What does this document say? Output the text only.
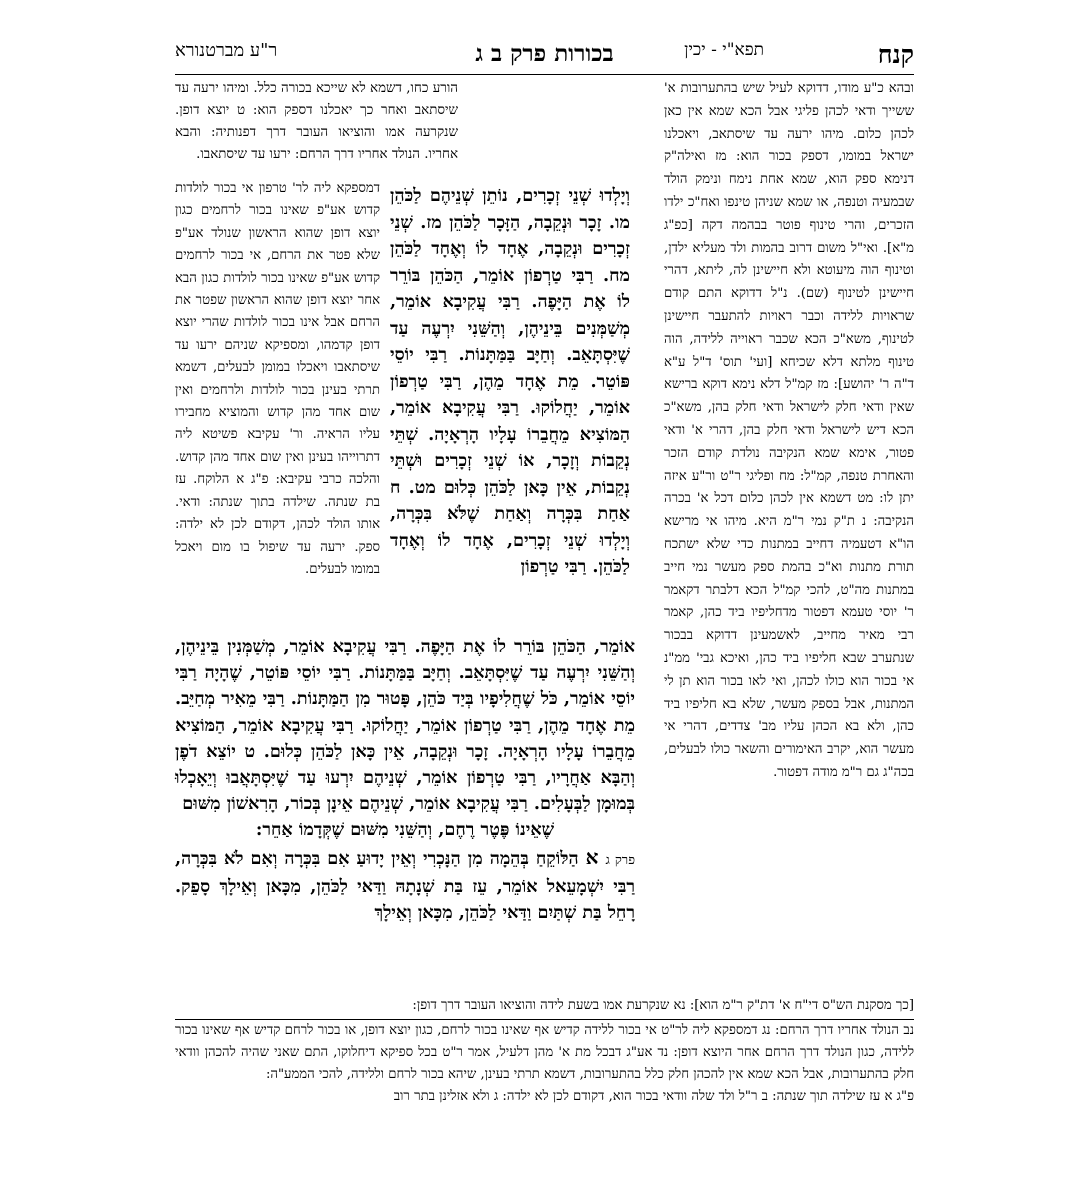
קנח
תפא"י - יכין
בכורות פרק ב ג
ר"ע מברטנורא
ובהא כ"ע מודו, דדוקא לעיל שיש בהתערובות א' ששייך ודאי לכהן פליגי אבל הכא שמא אין כאן לכהן כלום. מיהו ירעה עד שיסתאב, ויאכלנו ישראל במומו, דספק בכור הוא: מז ואילה"ק דנימא ספק הוא, שמא אחת נימח ונימק הולד שבמעיה וטנפה, או שמא שניהן טינפו ואח"כ ילדו הזכרים, והרי טינוף פוטר בבהמה דקה [כפ"ג מ"א]. ואי"ל משום דרוב בהמות ולד מעליא ילדן, וטינוף הוה מיעוטא ולא חיישינן לה, ליתא, דהרי חיישינן לטינוף (שם). נ"ל דדוקא התם קודם שראויות ללידה וכבר ראויות להתעבר חיישינן לטינוף, משא"כ הכא שכבר ראוייה ללידה, הוה טינוף מלתא דלא שכיחא [ועי' תוס' ד"ל ע"א ד"ה ר' יהושע]: מז קמ"ל דלא נימא דוקא ברישא שאין ודאי חלק לישראל ודאי חלק בהן, משא"כ הכא דיש לישראל ודאי חלק בהן, דהרי א' ודאי פטור, אימא שמא הנקיבה נולדת קודם הזכר והאחרת טנפה, קמ"ל: מח ופליגי ר"ט ור"ע איזה יתן לו: מט דשמא אין לכהן כלום דכל א' בכרה הנקיבה: נ ת"ק נמי ר"מ היא. מיהו אי מרישא הו"א דטעמיה דחייב במתנות כדי שלא ישתכח תורת מתנות וא"כ בהמת ספק מעשר נמי חייב במתנות מה"ט, להכי קמ"ל הכא דלבתר דקאמר ר' יוסי טעמא דפטור מדחליפיו ביד כהן, קאמר רבי מאיר מחייב, לאשמעינן דדוקא בבכור שנתערב שבא חליפיו ביד כהן, ואיכא גבי' ממ"נ אי בכור הוא כולו לכהן, ואי לאו בכור הוא תן לי המתנות, אבל בספק מעשר, שלא בא חליפיו ביד כהן, ולא בא הכהן עליו מב' צדדים, דהרי אי מעשר הוא, יקרב האימורים והשאר כולו לבעלים, בכה"ג גם ר"מ מודה דפטור.
הורע כחו, דשמא לא שייכא בכורה כלל. ומיהו ירעה עד שיסתאב ואחר כך יאכלנו דספק הוא: ט יוצא דופן. שנקרעה אמו והוציאו העובר דרך דפנותיה: והבא אחריו. הנולד אחריו דרך הרחם: ירעו עד שיסתאבו.
דמספקא ליה לר' טרפון אי בכור לולדות קדוש אע"פ שאינו בכור לרחמים כגון יוצא דופן שהוא הראשון שנולד אע"פ שלא פטר את הרחם, אי בכור לרחמים קדוש אע"פ שאינו בכור לולדות כגון הבא אחר יוצא דופן שהוא הראשון שפטר את הרחם אבל אינו בכור לולדות שהרי יוצא דופן קדמהו, ומספיקא שניהם ירעו עד שיסתאבו ויאכלו במומן לבעלים, דשמא תרתי בעינן בכור לולדות ולרחמים ואין שום אחד מהן קדוש והמוציא מחבירו עליו הראיה. ור' עקיבא פשיטא ליה דתרוייהו בעינן ואין שום אחד מהן קדוש. והלכה כרבי עקיבא: פ"ג א הלוקח. עז בת שנתה. שילדה בתוך שנתה: ודאי. אותו הולד לכהן, דקודם לכן לא ילדה: ספק. ירעה עד שיפול בו מום ויאכל במומו לבעלים.
וְיָלְדוּ שְׁנֵי זְכָרִים, נוֹתֵן שְׁנֵיהֶם לַכֹּהֵן מו. זָכָר וּנְקֵבָה, הַזָּכָר לַכֹּהֵן מז. שְׁנֵי זְכָרִים וּנְקֵבָה, אֶחָד לוֹ וְאֶחָד לַכֹּהֵן מח. רַבִּי טַרְפוֹן אוֹמֵר, הַכֹּהֵן בּוֹרֵר לוֹ אֶת הַיָּפֶה. רַבִּי עֲקִיבָא אוֹמֵר, מְשַׁמְּנִים בֵּינֵיהֶן, וְהַשֵּׁנִי יִרְעֶה עַד שֶׁיִּסְתָּאֵב. וְחַיָּב בַּמַּתָּנוֹת. רַבִּי יוֹסֵי פּוֹטֵר. מֵת אֶחָד מֵהֶן, רַבִּי טַרְפוֹן אוֹמֵר, יַחֲלוֹקוּ. רַבִּי עֲקִיבָא אוֹמֵר, הַמּוֹצִיא מֵחֲבֵרוֹ עָלָיו הָרְאָיָה. שְׁתֵּי נְקֵבוֹת וְזָכָר, אוֹ שְׁנֵי זְכָרִים וּשְׁתֵּי נְקֵבוֹת, אֵין כָּאן לַכֹּהֵן כְּלוּם מט. ח אַחַת בִּכְּרָה וְאַחַת שֶׁלֹּא בִּכְּרָה, וְיָלְדוּ שְׁנֵי זְכָרִים, אֶחָד לוֹ וְאֶחָד לַכֹּהֵן. רַבִּי טַרְפוֹן
אוֹמֵר, הַכֹּהֵן בּוֹרֵר לוֹ אֶת הַיָּפֶה. רַבִּי עֲקִיבָא אוֹמֵר, מְשַׁמְּנִין בֵּינֵיהֶן, וְהַשֵּׁנִי יִרְעֶה עַד שֶׁיִּסְתָּאֵב. וְחַיָּב בַּמַּתָּנוֹת. רַבִּי יוֹסֵי פּוֹטֵר, שֶׁהָיָה רַבִּי יוֹסֵי אוֹמֵר, כֹּל שֶׁחֲלִיפָיו בְּיַד כֹּהֵן, פָּטוּר מִן הַמַּתָּנוֹת. רַבִּי מֵאִיר מְחַיֵּב. מֵת אֶחָד מֵהֶן, רַבִּי טַרְפוֹן אוֹמֵר, יַחֲלוֹקוּ. רַבִּי עֲקִיבָא אוֹמֵר, הַמּוֹצִיא מֵחֲבֵרוֹ עָלָיו הָרְאָיָה. זָכָר וּנְקֵבָה, אֵין כָּאן לַכֹּהֵן כְּלוּם. ט יוֹצֵא דֹפֶן וְהַבָּא אַחֲרָיו, רַבִּי טַרְפוֹן אוֹמֵר, שְׁנֵיהֶם יִרְעוּ עַד שֶׁיִּסְתָּאֲבוּ וְיֵאָכְלוּ בְּמוּמָן לַבְּעָלִים. רַבִּי עֲקִיבָא אוֹמֵר, שְׁנֵיהֶם אֵינָן בְּכוֹר, הָרִאשׁוֹן מִשּׁוּם
שֶׁאֵינוֹ פֶּטֶר רֶחֶם, וְהַשֵּׁנִי מִשּׁוּם שֶׁקְּדָמוֹ אַחֵר:
פרק ג א הַלּוֹקֵחַ בְּהֵמָה מִן הַנָּכְרִי וְאֵין יָדוּעַ אִם בִּכְּרָה וְאִם לֹא בִּכְּרָה, רַבִּי יִשְׁמָעֵאל אוֹמֵר, עֵז בַּת שְׁנָתָהּ וַדַּאי לַכֹּהֵן, מִכָּאן וְאֵילָךְ סָפֵק. רָחֵל בַּת שְׁתַּיִם וַדַּאי לַכֹּהֵן, מִכָּאן וְאֵילָךְ
[כך מסקנת הש"ס די"ח א' דת"ק ר"מ הוא]: נא שנקרעת אמו בשעת לידה והוציאו העובר דרך דופן:
נב הנולד אחריו דרך הרחם: נג דמספקא ליה לר"ט אי בכור ללידה קדיש אף שאינו בכור לרחם, כגון יוצא דופן, או בכור לרחם קדיש אף שאינו בכור ללידה, כגון הנולד דרך הרחם אחר היוצא דופן: נד אע"ג דבכל מת א' מהן דלעיל, אמר ר"ט בכל ספיקא דיחלוקו, התם שאני שהיה להכהן וודאי חלק בהתערובות, אבל הכא שמא אין להכהן חלק כלל בהתערובות, דשמא תרתי בעינן, שיהא בכור לרחם וללידה, להכי הממע"ה:
פ"ג א עז שילדה תוך שנתה: ב ר"ל ולד שלה וודאי בכור הוא, דקודם לכן לא ילדה: ג ולא אזלינן בתר רוב
